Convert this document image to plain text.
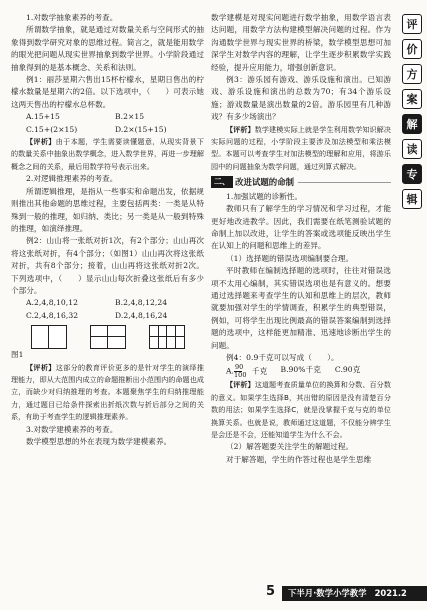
1.对数学抽象素养的考查。

所谓数学抽象，就是通过对数量关系与空间形式的抽象得到数学研究对象的思维过程。简言之，就是能用数学的眼光把问题从现实世界抽象到数学世界。小学阶段通过抽象得到的是基本概念、关系和法则。

例1：丽莎星期六售出15杯柠檬水，星期日售出的柠檬水数量是星期六的2倍。以下选项中，（　　）可表示她这两天售出的柠檬水总杯数。

A.15+15	B.2×15
C.15+(2×15)	D.2×(15+15)

【评析】由于本题，学生需要读懂题意，从现实背景下的数量关系中抽象出数学概念，进入数学世界，再进一步理解概念之间的关系，最后用数学符号表示出来。

2.对逻辑推理素养的考查。

所谓逻辑推理，是指从一些事实和命题出发，依据规则推出其他命题的思维过程，主要包括两类：一类是从特殊到一般的推理，如归纳、类比；另一类是从一般到特殊的推理，如演绎推理。

例2：山山将一张纸对折1次，有2个部分；山山再次将这张纸对折，有4个部分；（如图1）山山再次将这张纸对折，共有8个部分；接着，山山再将这张纸对折2次。下列选项中，（　　）显示山山每次折叠这张纸后有多少个部分。

A.2,4,8,10,12	B.2,4,8,12,24
C.2,4,8,16,32	D.2,4,8,16,24

图1

【评析】这部分的教育评价更多的是针对学生的演绎推理能力，即从大范围内成立的命题推断出小范围内的命题也成立，而缺少对归纳推理的考查。本题聚焦学生的归纳推理能力，通过题目已给条件探索出折纸次数与折后部分之间的关系，有助于考查学生的逻辑推理素养。

3.对数学建模素养的考查。

数学模型思想的外在表现为数学建模素养。

数学建模是对现实问题进行数学抽象，用数学语言表达问题，用数学方法构建模型解决问题的过程。作为沟通数学世界与现实世界的桥梁，数学模型思想可加深学生对数学内容的理解，让学生逐步积累数学实践经验，提升应用能力，增强创新意识。

例3：游乐园有游戏、游乐设施和演出。已知游戏、游乐设施和演出的总数为70；有34个游乐设施；游戏数量是演出数量的2倍。游乐园里有几种游戏？有多少场演出？

【评析】数学建模实际上就是学生利用数学知识解决实际问题的过程，小学阶段主要涉及加法模型和乘法模型。本题可以考查学生对加法模型的理解和应用，将游乐园中的问题抽象为数学问题，通过列算式解决。

二、 改进试题的命制

1.加强试题的诊断性。

教师只有了解学生的学习情况和学习过程，才能更好地改进教学。因此，我们需要在纸笔测验试题的命制上加以改进，让学生的答案或选项能反映出学生在认知上的问题和思维上的差异。

（1）选择题的错误选项编制要合理。

平时教师在编制选择题的选项时，往往对错误选项不太用心编制，其实错误选项也是有意义的。想要通过选择题来考查学生的认知和思维上的层次，教师就要加强对学生的学情调查，积累学生的典型错误，例如，可将学生出现比例最高的错误答案编制到选择题的选项中，这样能更加精准、迅速地诊断出学生的问题。

例4：0.9千克可以写成（　　）。

A. $\frac{90}{100}$ 千克	B.90%千克	C.90克

【评析】这道题考查质量单位的换算和分数、百分数的意义。如果学生选择B，其出错的原因是没有清楚百分数的用法；如果学生选择C，就是没掌握千克与克的单位换算关系。也就是说，教师通过这道题，不仅能分辨学生是会还是不会，还能知道学生为什么不会。

（2）解答题要关注学生的解题过程。

对于解答题，学生的作答过程也是学生思维

评
价
方
案
解
读
专
辑
5	下半月·数学小学教学 2021.2
